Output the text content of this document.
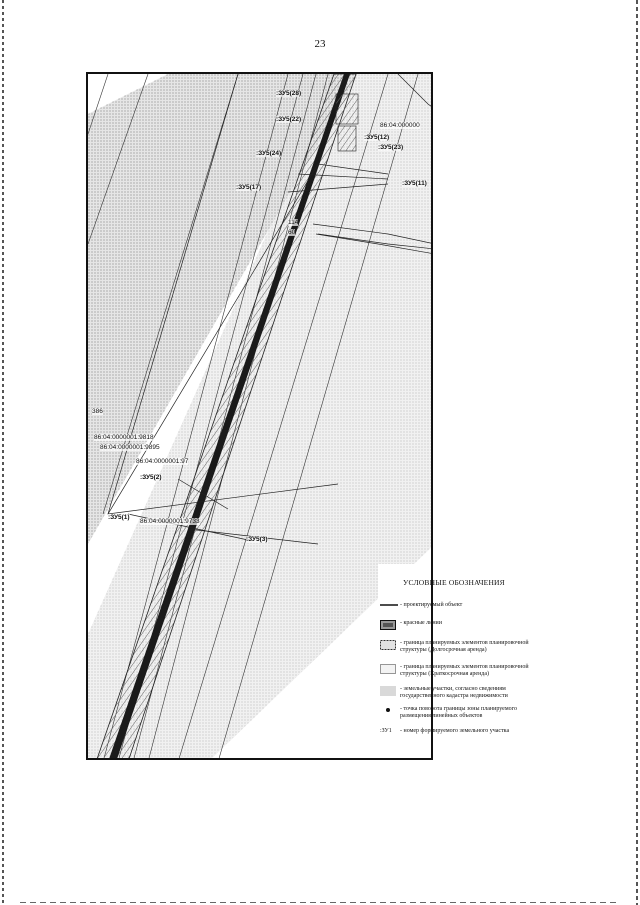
23
:ЗУ5(28)
:ЗУ5(22)
:ЗУ5(12)
:ЗУ5(23)
:ЗУ5(24)
:ЗУ5(17)
:ЗУ5(11)
:ЗУ5(2)
:ЗУ5(1)
:ЗУ5(3)
86:04:000000
86:04:0000001:9818
86:04:0000001:9895
86:04:0000001:97
86:04:0000001:9733
114
60
386
УСЛОВНЫЕ ОБОЗНАЧЕНИЯ
- проектируемый объект
- красные линии
- граница планируемых элементов планировочной структуры (Долгосрочная аренда)
- граница планируемых элементов планировочной структуры (Краткосрочная аренда)
- земельные участки, согласно сведениям государственного кадастра недвижимости
- точка поворота границы зоны планируемого размещения линейных объектов
:ЗУ1 - номер формируемого земельного участка
